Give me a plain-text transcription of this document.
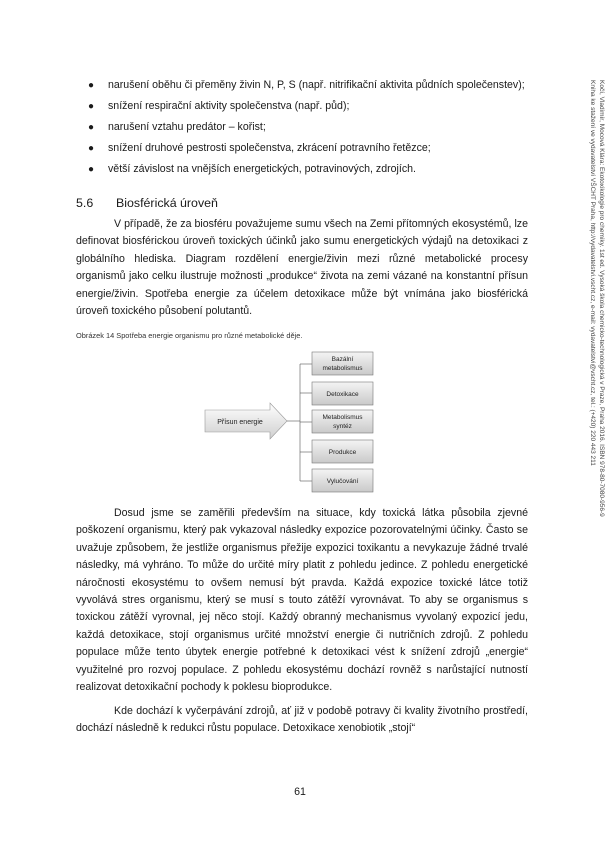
● narušení oběhu či přeměny živin N, P, S (např. nitrifikační aktivita půdních společenstev);
● snížení respirační aktivity společenstva (např. půd);
● narušení vztahu predátor – kořist;
● snížení druhové pestrosti společenstva, zkrácení potravního řetězce;
● větší závislost na vnějších energetických, potravinových, zdrojích.
5.6 Biosférická úroveň
V případě, že za biosféru považujeme sumu všech na Zemi přítomných ekosystémů, lze definovat biosférickou úroveň toxických účinků jako sumu energetických výdajů na detoxikaci z globálního hlediska. Diagram rozdělení energie/živin mezi různé metabolické procesy organismů jako celku ilustruje možnosti „produkce“ života na zemi vázané na konstantní přísun energie/živin. Spotřeba energie za účelem detoxikace může být vnímána jako biosférická úroveň toxického působení polutantů.
Obrázek 14 Spotřeba energie organismu pro různé metabolické děje.
Přísun energie
Bazální
metabolismus
Detoxikace
Metabolismus
syntéz
Produkce
Vylučování
Dosud jsme se zaměřili především na situace, kdy toxická látka působila zjevné poškození organismu, který pak vykazoval následky expozice pozorovatelnými účinky. Často se uvažuje způsobem, že jestliže organismus přežije expozici toxikantu a nevykazuje žádné trvalé následky, má vyhráno. To může do určité míry platit z pohledu jedince. Z pohledu energetické náročnosti ekosystému to ovšem nemusí být pravda. Každá expozice toxické látce totiž vyvolává stres organismu, který se musí s touto zátěží vyrovnávat. To aby se organismus s toxickou zátěží vyrovnal, jej něco stojí. Každý obranný mechanismus vyvolaný expozicí jedu, každá detoxikace, stojí organismus určité množství energie či nutričních zdrojů. Z pohledu populace může tento úbytek energie potřebné k detoxikaci vést k snížení zdrojů „energie“ využitelné pro rozvoj populace. Z pohledu ekosystému dochází rovněž s narůstající nutností realizovat detoxikační pochody k poklesu bioprodukce.
Kde dochází k vyčerpávání zdrojů, ať již v podobě potravy či kvality životního prostředí, dochází následně k redukci růstu populace. Detoxikace xenobiotik „stojí“
Kočí, Vladimír, Mocová Klára: Ekotoxikologie pro chemiky. 1st ed. Vysoká škola chemicko-technologická v Praze, Praha 2016. ISBN 978-80-7080-956-9
Kniha ke stažení ve vydavatelství VŠCHT Praha, http://vydavatelstvi.vscht.cz, e-mail: vydavatelstvi@vscht.cz, tel.: (+420) 220 443 211
61
